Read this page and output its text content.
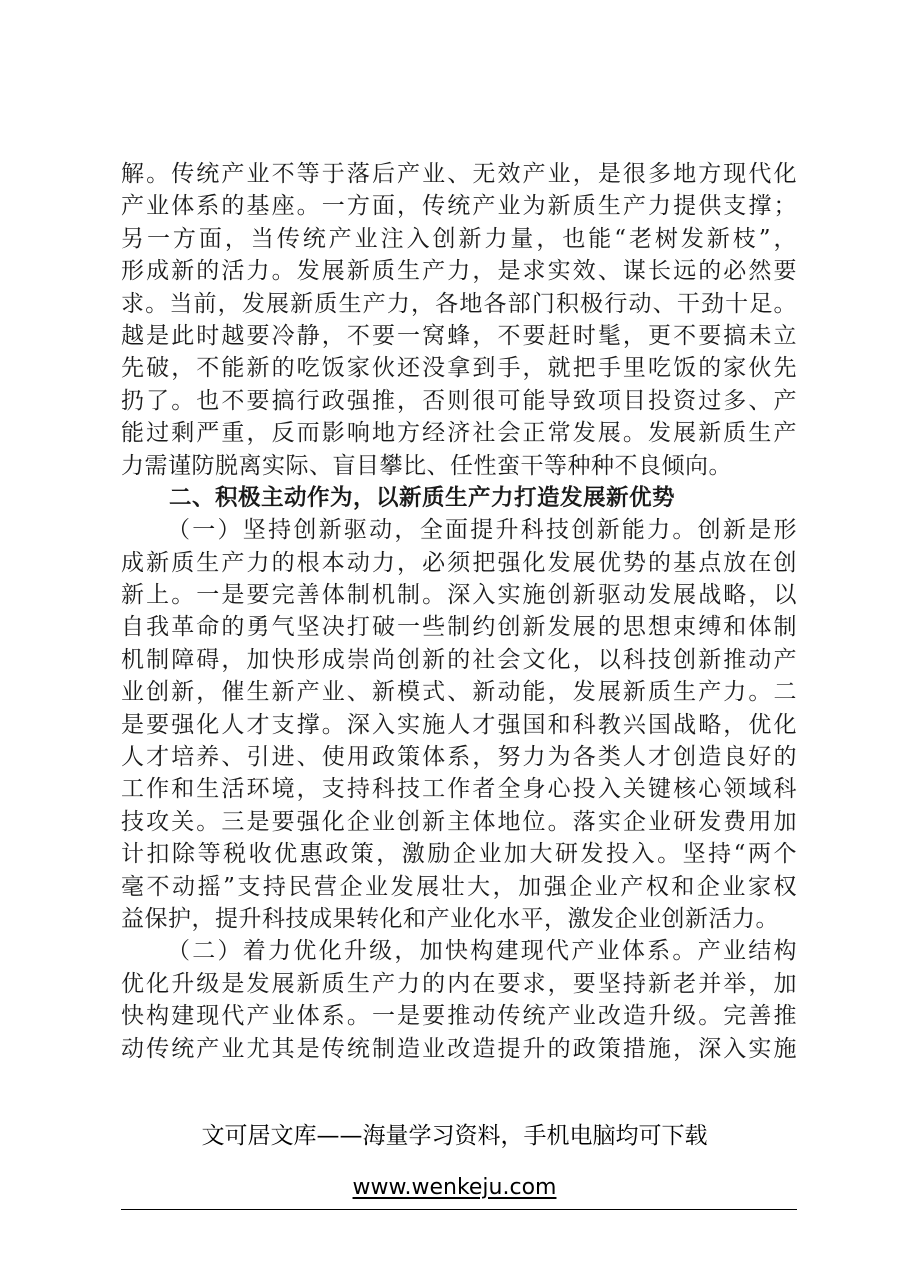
解。传统产业不等于落后产业、无效产业，是很多地方现代化
产业体系的基座。一方面，传统产业为新质生产力提供支撑；
另一方面，当传统产业注入创新力量，也能“老树发新枝”，
形成新的活力。发展新质生产力，是求实效、谋长远的必然要
求。当前，发展新质生产力，各地各部门积极行动、干劲十足。
越是此时越要冷静，不要一窝蜂，不要赶时髦，更不要搞未立
先破，不能新的吃饭家伙还没拿到手，就把手里吃饭的家伙先
扔了。也不要搞行政强推，否则很可能导致项目投资过多、产
能过剩严重，反而影响地方经济社会正常发展。发展新质生产
力需谨防脱离实际、盲目攀比、任性蛮干等种种不良倾向。
二、积极主动作为，以新质生产力打造发展新优势
（一）坚持创新驱动，全面提升科技创新能力。创新是形
成新质生产力的根本动力，必须把强化发展优势的基点放在创
新上。一是要完善体制机制。深入实施创新驱动发展战略，以
自我革命的勇气坚决打破一些制约创新发展的思想束缚和体制
机制障碍，加快形成崇尚创新的社会文化，以科技创新推动产
业创新，催生新产业、新模式、新动能，发展新质生产力。二
是要强化人才支撑。深入实施人才强国和科教兴国战略，优化
人才培养、引进、使用政策体系，努力为各类人才创造良好的
工作和生活环境，支持科技工作者全身心投入关键核心领域科
技攻关。三是要强化企业创新主体地位。落实企业研发费用加
计扣除等税收优惠政策，激励企业加大研发投入。坚持“两个
毫不动摇”支持民营企业发展壮大，加强企业产权和企业家权
益保护，提升科技成果转化和产业化水平，激发企业创新活力。
（二）着力优化升级，加快构建现代产业体系。产业结构
优化升级是发展新质生产力的内在要求，要坚持新老并举，加
快构建现代产业体系。一是要推动传统产业改造升级。完善推
动传统产业尤其是传统制造业改造提升的政策措施，深入实施
文可居文库——海量学习资料，手机电脑均可下载
www.wenkeju.com
